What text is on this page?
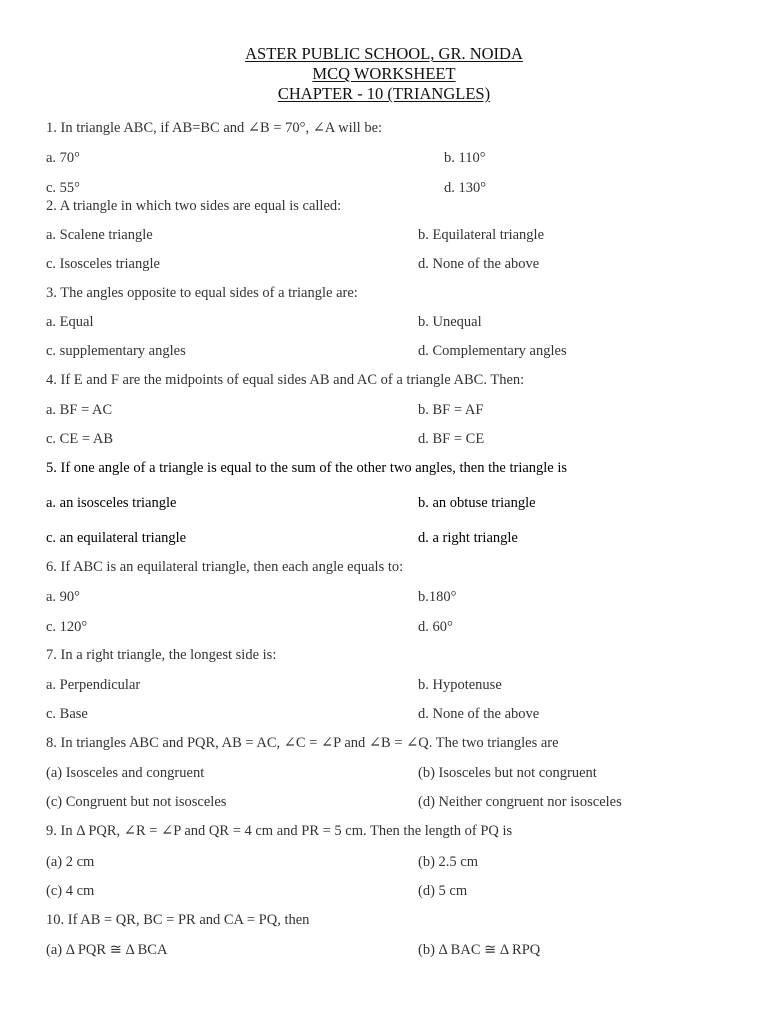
ASTER PUBLIC SCHOOL, GR. NOIDA
MCQ WORKSHEET
CHAPTER - 10 (TRIANGLES)
1. In triangle ABC, if AB=BC and ∠B = 70°, ∠A will be:
a. 70°	b. 110°
c. 55°	d. 130°
2. A triangle in which two sides are equal is called:
a. Scalene triangle	b. Equilateral triangle
c. Isosceles triangle	d. None of the above
3. The angles opposite to equal sides of a triangle are:
a. Equal	b. Unequal
c. supplementary angles	d. Complementary angles
4. If E and F are the midpoints of equal sides AB and AC of a triangle ABC. Then:
a. BF = AC	b. BF = AF
c. CE = AB	d. BF = CE
5. If one angle of a triangle is equal to the sum of the other two angles, then the triangle is
a. an isosceles triangle	b. an obtuse triangle
c. an equilateral triangle	d. a right triangle
6. If ABC is an equilateral triangle, then each angle equals to:
a. 90°	b.180°
c. 120°	d. 60°
7. In a right triangle, the longest side is:
a. Perpendicular	b. Hypotenuse
c. Base	d. None of the above
8. In triangles ABC and PQR, AB = AC, ∠C = ∠P and ∠B = ∠Q. The two triangles are
(a) Isosceles and congruent	(b) Isosceles but not congruent
(c) Congruent but not isosceles	(d) Neither congruent nor isosceles
9. In Δ PQR, ∠R = ∠P and QR = 4 cm and PR = 5 cm. Then the length of PQ is
(a) 2 cm	(b) 2.5 cm
(c) 4 cm	(d) 5 cm
10. If AB = QR, BC = PR and CA = PQ, then
(a) Δ PQR ≅ Δ BCA	(b) Δ BAC ≅ Δ RPQ
